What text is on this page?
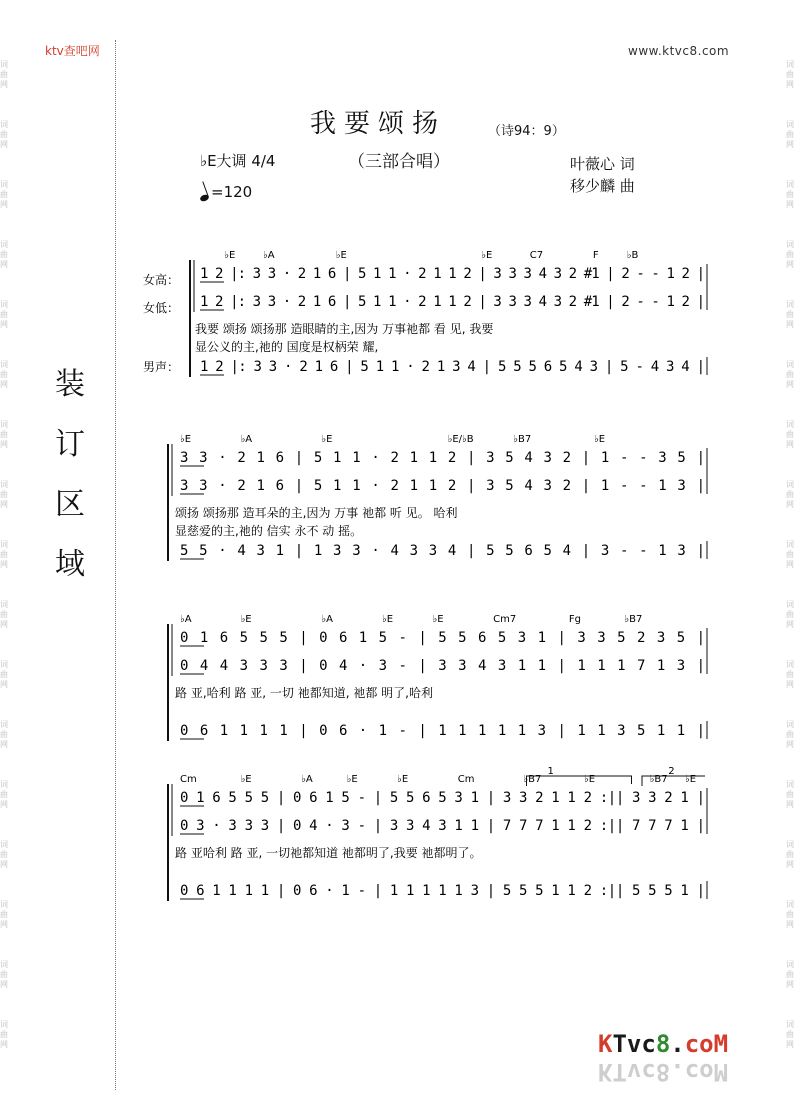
ktv查吧网	www.ktvc8.com
词曲网
词曲网
词曲网
词曲网
词曲网
词曲网
词曲网
词曲网
词曲网
词曲网
词曲网
词曲网
词曲网
词曲网
词曲网
词曲网
词曲网
词曲网
词曲网
词曲网
词曲网
词曲网
词曲网
词曲网
词曲网
词曲网
词曲网
词曲网
词曲网
词曲网
词曲网
词曲网
词曲网
词曲网
装
订
区
域
我要颂扬	（诗94：9）
♭E大调 4/4	（三部合唱）	叶薇心 词
移少麟 曲
=120
♭E	♭A	♭E	♭E	C7	F	♭B
1 2 |: 3 3 · 2 1 6 | 5 1 1 · 2 1 1 2 | 3 3 3 4 3 2 #1 | 2 - - 1 2 |
1 2 |: 3 3 · 2 1 6 | 5 1 1 · 2 1 1 2 | 3 3 3 4 3 2 #1 | 2 - - 1 2 |
我要 颂扬 颂扬那 造眼睛的主,因为 万事祂都 看 见, 我要
显公义的主,祂的 国度是权柄荣 耀,
1 2 |: 3 3 · 2 1 6 | 5 1 1 · 2 1 3 4 | 5 5 5 6 5 4 3 | 5 - 4 3 4 |
女高：
女低：
男声：
♭E	♭A	♭E	♭E/♭B	♭B7	♭E
3 3 · 2 1 6 | 5 1 1 · 2 1 1 2 | 3 5 4 3 2 | 1 - - 3 5 |
3 3 · 2 1 6 | 5 1 1 · 2 1 1 2 | 3 5 4 3 2 | 1 - - 1 3 |
颂扬 颂扬那 造耳朵的主,因为 万事 祂都 听 见。 哈利
显慈爱的主,祂的 信实 永不 动 摇。
5 5 · 4 3 1 | 1 3 3 · 4 3 3 4 | 5 5 6 5 4 | 3 - - 1 3 |
♭A	♭E	♭A	♭E	♭E	Cm7	Fg	♭B7
0 1 6 5 5 5 | 0 6 1 5 - | 5 5 6 5 3 1 | 3 3 5 2 3 5 |
0 4 4 3 3 3 | 0 4 · 3 - | 3 3 4 3 1 1 | 1 1 1 7 1 3 |
路 亚,哈利 路 亚, 一切 祂都知道, 祂都 明了,哈利
0 6 1 1 1 1 | 0 6 · 1 - | 1 1 1 1 1 3 | 1 1 3 5 1 1 |
Cm	♭E	♭A	♭E	♭E	Cm	♭B7	♭E	♭B7 ♭E
0 1 6 5 5 5 | 0 6 1 5 - | 5 5 6 5 3 1 | 3 3 2 1 1 2 :|| 3 3 2 1 |
0 3 · 3 3 3 | 0 4 · 3 - | 3 3 4 3 1 1 | 7 7 7 1 1 2 :|| 7 7 7 1 |
路 亚哈利 路 亚, 一切祂都知道 祂都明了,我要 祂都明了。
0 6 1 1 1 1 | 0 6 · 1 - | 1 1 1 1 1 3 | 5 5 5 1 1 2 :|| 5 5 5 1 |
1	2
KTvc8.coM
KTvc8.coM
